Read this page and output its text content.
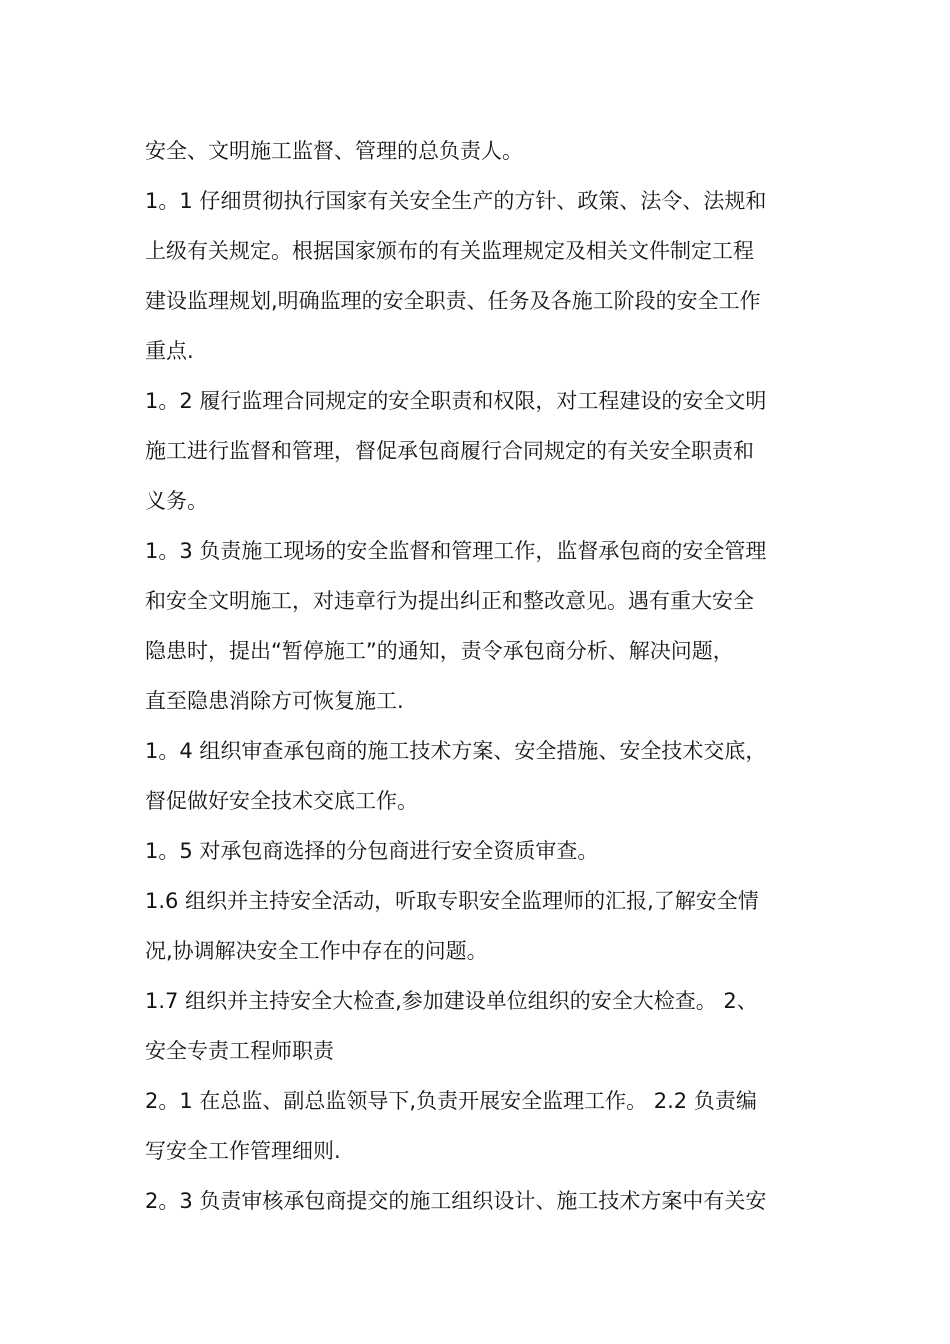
安全、文明施工监督、管理的总负责人。
1。1 仔细贯彻执行国家有关安全生产的方针、政策、法令、法规和
上级有关规定。根据国家颁布的有关监理规定及相关文件制定工程
建设监理规划,明确监理的安全职责、任务及各施工阶段的安全工作
重点.
1。2 履行监理合同规定的安全职责和权限，对工程建设的安全文明
施工进行监督和管理，督促承包商履行合同规定的有关安全职责和
义务。
1。3 负责施工现场的安全监督和管理工作，监督承包商的安全管理
和安全文明施工，对违章行为提出纠正和整改意见。遇有重大安全
隐患时，提出“暂停施工”的通知，责令承包商分析、解决问题，
直至隐患消除方可恢复施工.
1。4 组织审查承包商的施工技术方案、安全措施、安全技术交底，
督促做好安全技术交底工作。
1。5 对承包商选择的分包商进行安全资质审查。
1.6 组织并主持安全活动，听取专职安全监理师的汇报,了解安全情
况,协调解决安全工作中存在的问题。
1.7 组织并主持安全大检查,参加建设单位组织的安全大检查。 2、
安全专责工程师职责
2。1 在总监、副总监领导下,负责开展安全监理工作。 2.2 负责编
写安全工作管理细则.
2。3 负责审核承包商提交的施工组织设计、施工技术方案中有关安
